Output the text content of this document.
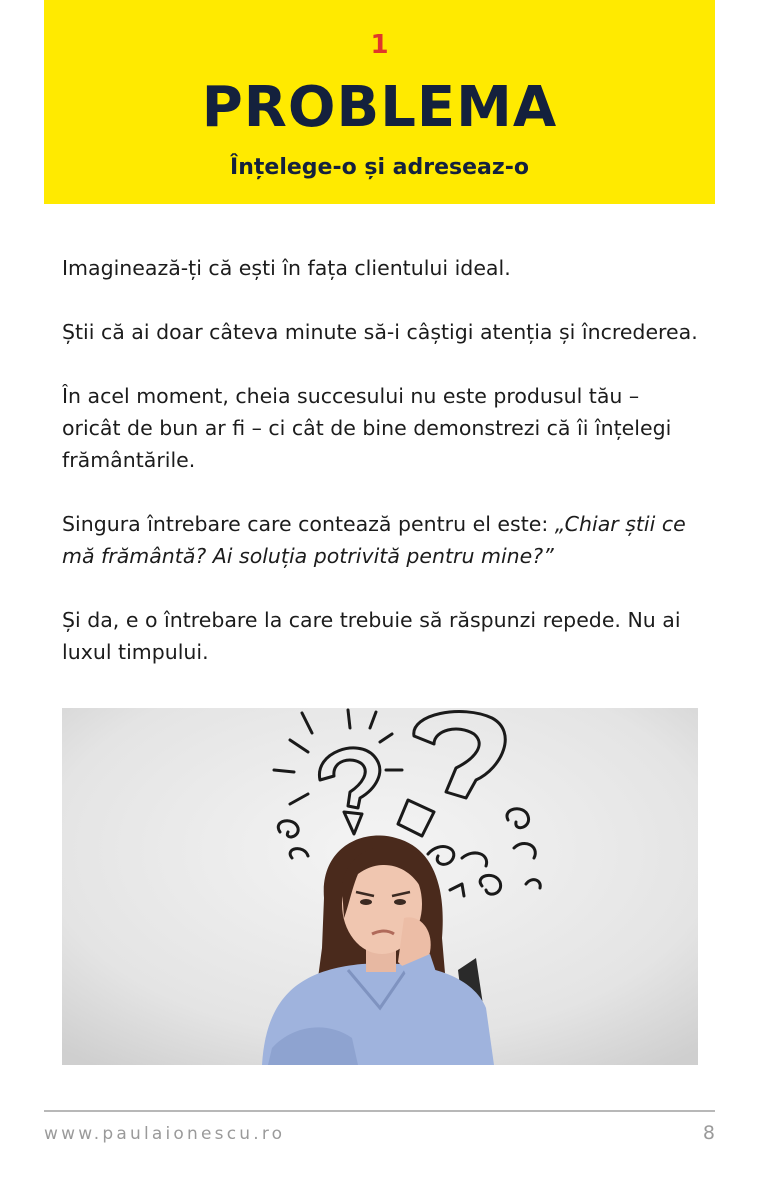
1
PROBLEMA
Înțelege-o și adreseaz-o

Imaginează-ți că ești în fața clientului ideal.

Știi că ai doar câteva minute să-i câștigi atenția și încrederea.

În acel moment, cheia succesului nu este produsul tău – oricât de bun ar fi – ci cât de bine demonstrezi că îi înțelegi frământările.

Singura întrebare care contează pentru el este: „Chiar știi ce mă frământă? Ai soluția potrivită pentru mine?”

Și da, e o întrebare la care trebuie să răspunzi repede. Nu ai luxul timpului.

www.paulaionescu.ro	8
